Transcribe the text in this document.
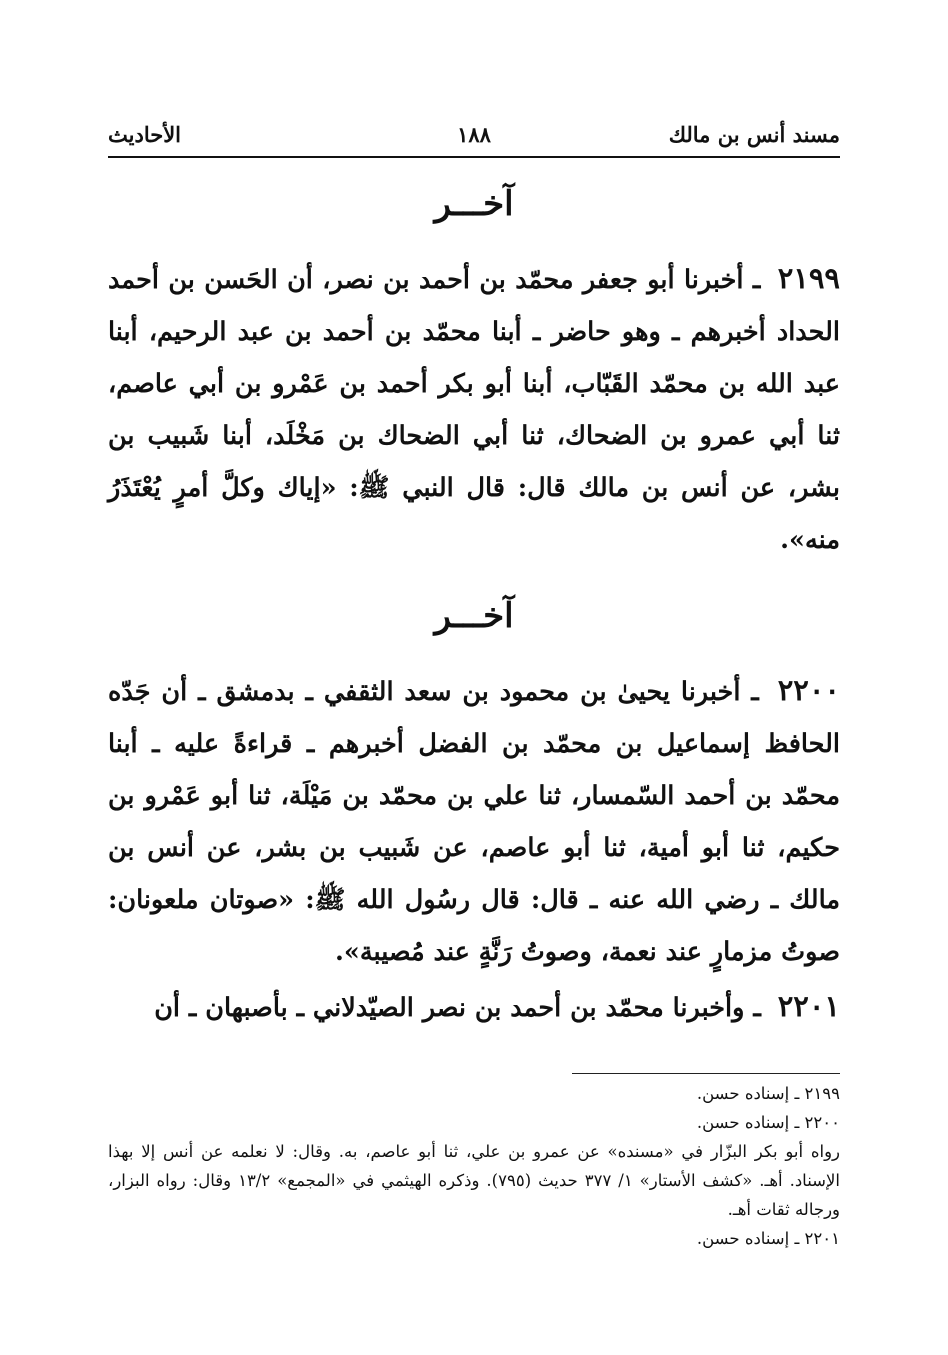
مسند أنس بن مالك
١٨٨
الأحاديث
آخـــر
٢١٩٩ ـ أخبرنا أبو جعفر محمّد بن أحمد بن نصر، أن الحَسن بن أحمد الحداد أخبرهم ـ وهو حاضر ـ أبنا محمّد بن أحمد بن عبد الرحيم، أبنا عبد الله بن محمّد القَبّاب، أبنا أبو بكر أحمد بن عَمْرو بن أبي عاصم، ثنا أبي عمرو بن الضحاك، ثنا أبي الضحاك بن مَخْلَد، أبنا شَبيب بن بشر، عن أنس بن مالك قال: قال النبي ﷺ: «إياك وكلَّ أمرٍ يُعْتَذَرُ منه».
آخـــر
٢٢٠٠ ـ أخبرنا يحيىٰ بن محمود بن سعد الثقفي ـ بدمشق ـ أن جَدّه الحافظ إسماعيل بن محمّد بن الفضل أخبرهم ـ قراءةً عليه ـ أبنا محمّد بن أحمد السّمسار، ثنا علي بن محمّد بن مَيْلَة، ثنا أبو عَمْرو بن حكيم، ثنا أبو أمية، ثنا أبو عاصم، عن شَبيب بن بشر، عن أنس بن مالك ـ رضي الله عنه ـ قال: قال رسُول الله ﷺ: «صوتان ملعونان: صوتُ مزمارٍ عند نعمة، وصوتُ رَنَّةٍ عند مُصيبة».
٢٢٠١ ـ وأخبرنا محمّد بن أحمد بن نصر الصيّدلاني ـ بأصبهان ـ أن

٢١٩٩ ـ إسناده حسن.

٢٢٠٠ ـ إسناده حسن.

رواه أبو بكر البزّار في «مسنده» عن عمرو بن علي، ثنا أبو عاصم، به. وقال: لا نعلمه عن أنس إلا بهذا الإسناد. أهـ. «كشف الأستار» ١/ ٣٧٧ حديث (٧٩٥). وذكره الهيثمي في «المجمع» ١٣/٢ وقال: رواه البزار، ورجاله ثقات أهـ.

٢٢٠١ ـ إسناده حسن.
